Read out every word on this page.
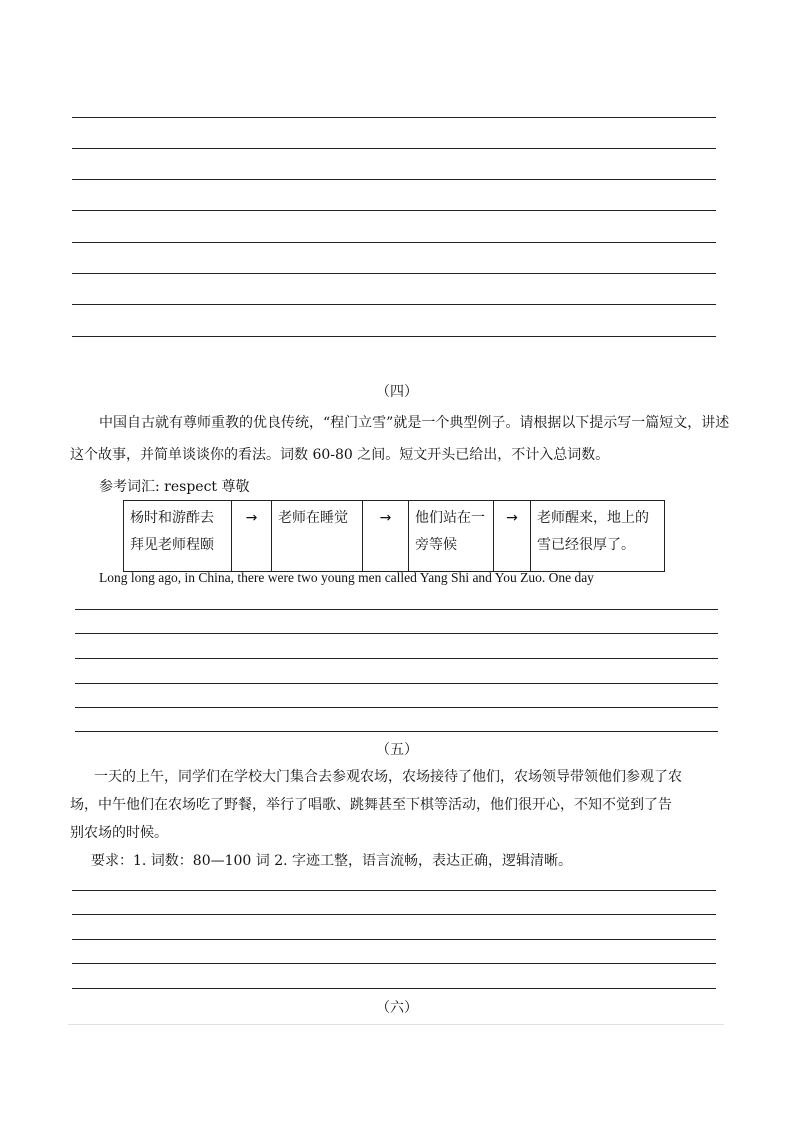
（四）
中国自古就有尊师重教的优良传统，“程门立雪”就是一个典型例子。请根据以下提示写一篇短文，讲述
这个故事，并简单谈谈你的看法。词数 60-80 之间。短文开头已给出，不计入总词数。
参考词汇: respect 尊敬
杨时和游酢去拜见老师程颐	→	老师在睡觉	→	他们站在一旁等候	→	老师醒来，地上的雪已经很厚了。
Long long ago, in China, there were two young men called Yang Shi and You Zuo. One day
（五）
一天的上午，同学们在学校大门集合去参观农场，农场接待了他们，农场领导带领他们参观了农
场，中午他们在农场吃了野餐，举行了唱歌、跳舞甚至下棋等活动，他们很开心，不知不觉到了告
别农场的时候。
要求：1. 词数：80—100 词 2. 字迹工整，语言流畅，表达正确，逻辑清晰。
（六）
